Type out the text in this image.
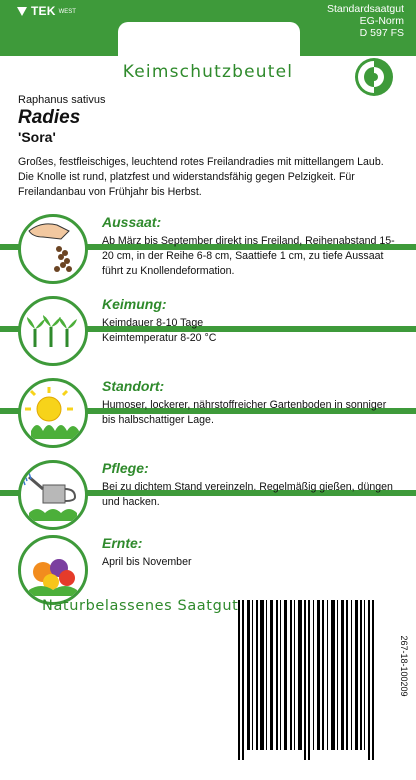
TEK WEST	Standardsaatgut
EG-Norm
D 597 FS
Keimschutzbeutel
Raphanus sativus
Radies
'Sora'
Großes, festfleischiges, leuchtend rotes Freilandradies mit mittellangem Laub. Die Knolle ist rund, platzfest und widerstandsfähig gegen Pelzigkeit. Für Freilandanbau von Frühjahr bis Herbst.
Aussaat:
Ab März bis September direkt ins Freiland, Reihenabstand 15-20 cm, in der Reihe 6-8 cm, Saattiefe 1 cm, zu tiefe Aussaat führt zu Knollendeformation.
Keimung:
Keimdauer 8-10 Tage
Keimtemperatur 8-20 °C
Standort:
Humoser, lockerer, nährstoffreicher Gartenboden in sonniger bis halbschattiger Lage.
Pflege:
Bei zu dichtem Stand vereinzeln. Regelmäßig gießen, düngen und hacken.
Ernte:
April bis November
Naturbelassenes Saatgut
267-18-100209
